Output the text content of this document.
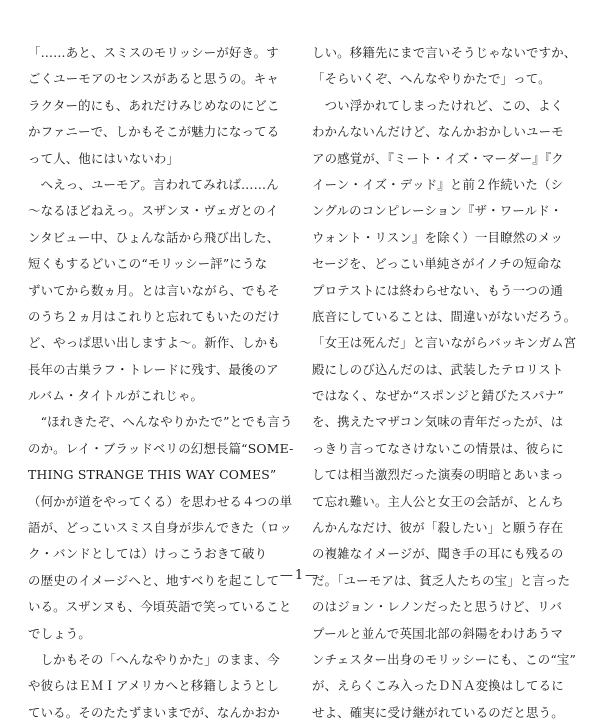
「……あと、スミスのモリッシーが好き。す
ごくユーモアのセンスがあると思うの。キャ
ラクター的にも、あれだけみじめなのにどこ
かファニーで、しかもそこが魅力になってる
って人、他にはいないわ」
　へえっ、ユーモア。言われてみれば……ん
～なるほどねえっ。スザンヌ・ヴェガとのイ
ンタビュー中、ひょんな話から飛び出した、
短くもするどいこの“モリッシー評”にうな
ずいてから数ヵ月。とは言いながら、でもそ
のうち２ヵ月はこれりと忘れてもいたのだけ
ど、やっぱ思い出しますよ～。新作、しかも
長年の古巣ラフ・トレードに残す、最後のア
ルバム・タイトルがこれじゃ。
　“ほれきたぞ、へんなやりかたで”とでも言う
のか。レイ・ブラッドベリの幻想長篇“SOME-
THING STRANGE THIS WAY COMES”
（何かが道をやってくる）を思わせる４つの単
語が、どっこいスミス自身が歩んできた（ロッ
ク・バンドとしては）けっこうおきて破り
の歴史のイメージへと、地すべりを起こして
いる。スザンヌも、今頃英語で笑っていること
でしょう。
　しかもその「へんなやりかた」のまま、今
や彼らはＥＭＩアメリカへと移籍しようとし
ている。そのたたずまいまでが、なんかおか
しい。移籍先にまで言いそうじゃないですか、
「そらいくぞ、へんなやりかたで」って。
　つい浮かれてしまったけれど、この、よく
わかんないんだけど、なんかおかしいユーモ
アの感覚が、『ミート・イズ・マーダー』『ク
イーン・イズ・デッド』と前２作続いた（シ
ングルのコンピレーション『ザ・ワールド・
ウォント・リスン』を除く）一目瞭然のメッ
セージを、どっこい単純さがイノチの短命な
プロテストには終わらせない、もう一つの通
底音にしていることは、間違いがないだろう。
「女王は死んだ」と言いながらバッキンガム宮
殿にしのび込んだのは、武装したテロリスト
ではなく、なぜか“スポンジと錆びたスパナ”
を、携えたマザコン気味の青年だったが、は
っきり言ってなさけないこの情景は、彼らに
しては相当激烈だった演奏の明暗とあいまっ
て忘れ難い。主人公と女王の会話が、とんち
んかんなだけ、彼が「殺したい」と願う存在
の複雑なイメージが、聞き手の耳にも残るの
だ。「ユーモアは、貧乏人たちの宝」と言った
のはジョン・レノンだったと思うけど、リバ
プールと並んで英国北部の斜陽をわけあうマ
ンチェスター出身のモリッシーにも、この“宝”
が、えらくこみ入ったＤＮＡ変換はしてるに
せよ、確実に受け継がれているのだと思う。
—1—
